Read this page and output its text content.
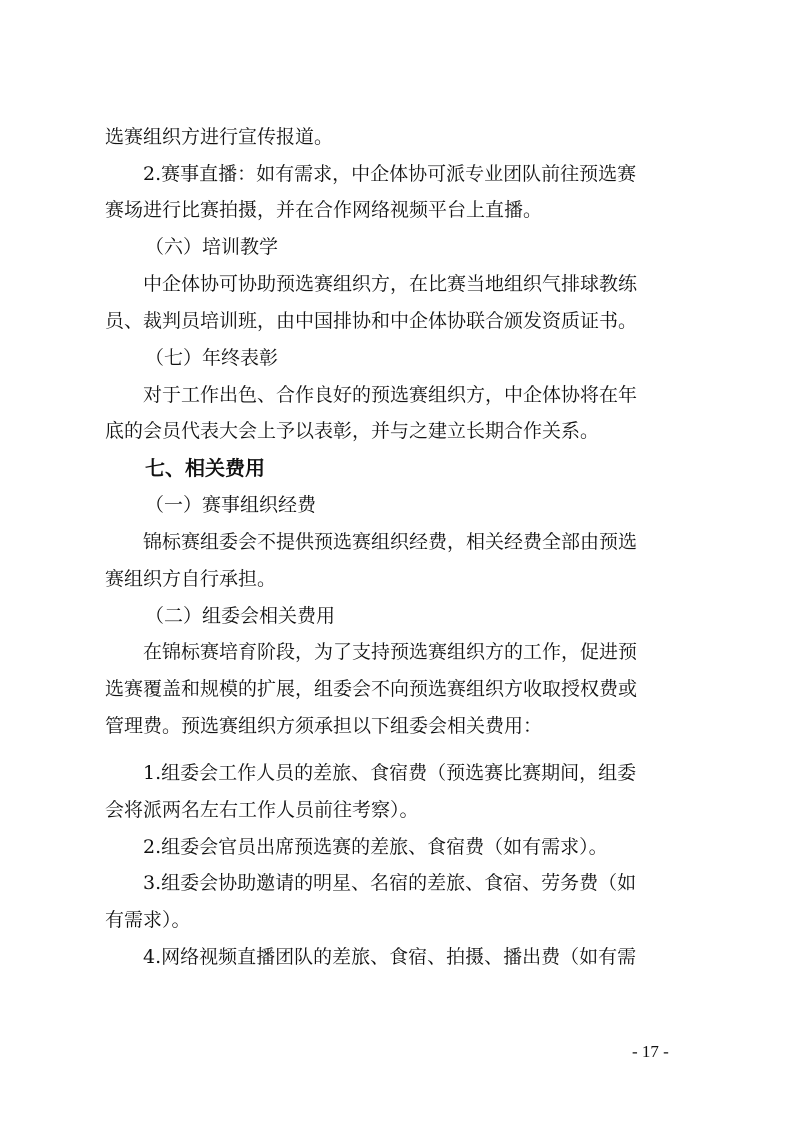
选赛组织方进行宣传报道。
2.赛事直播：如有需求，中企体协可派专业团队前往预选赛
赛场进行比赛拍摄，并在合作网络视频平台上直播。
（六）培训教学
中企体协可协助预选赛组织方，在比赛当地组织气排球教练
员、裁判员培训班，由中国排协和中企体协联合颁发资质证书。
（七）年终表彰
对于工作出色、合作良好的预选赛组织方，中企体协将在年
底的会员代表大会上予以表彰，并与之建立长期合作关系。
七、相关费用
（一）赛事组织经费
锦标赛组委会不提供预选赛组织经费，相关经费全部由预选
赛组织方自行承担。
（二）组委会相关费用
在锦标赛培育阶段，为了支持预选赛组织方的工作，促进预
选赛覆盖和规模的扩展，组委会不向预选赛组织方收取授权费或
管理费。预选赛组织方须承担以下组委会相关费用：
1.组委会工作人员的差旅、食宿费（预选赛比赛期间，组委
会将派两名左右工作人员前往考察）。
2.组委会官员出席预选赛的差旅、食宿费（如有需求）。
3.组委会协助邀请的明星、名宿的差旅、食宿、劳务费（如
有需求）。
4.网络视频直播团队的差旅、食宿、拍摄、播出费（如有需
- 17 -
